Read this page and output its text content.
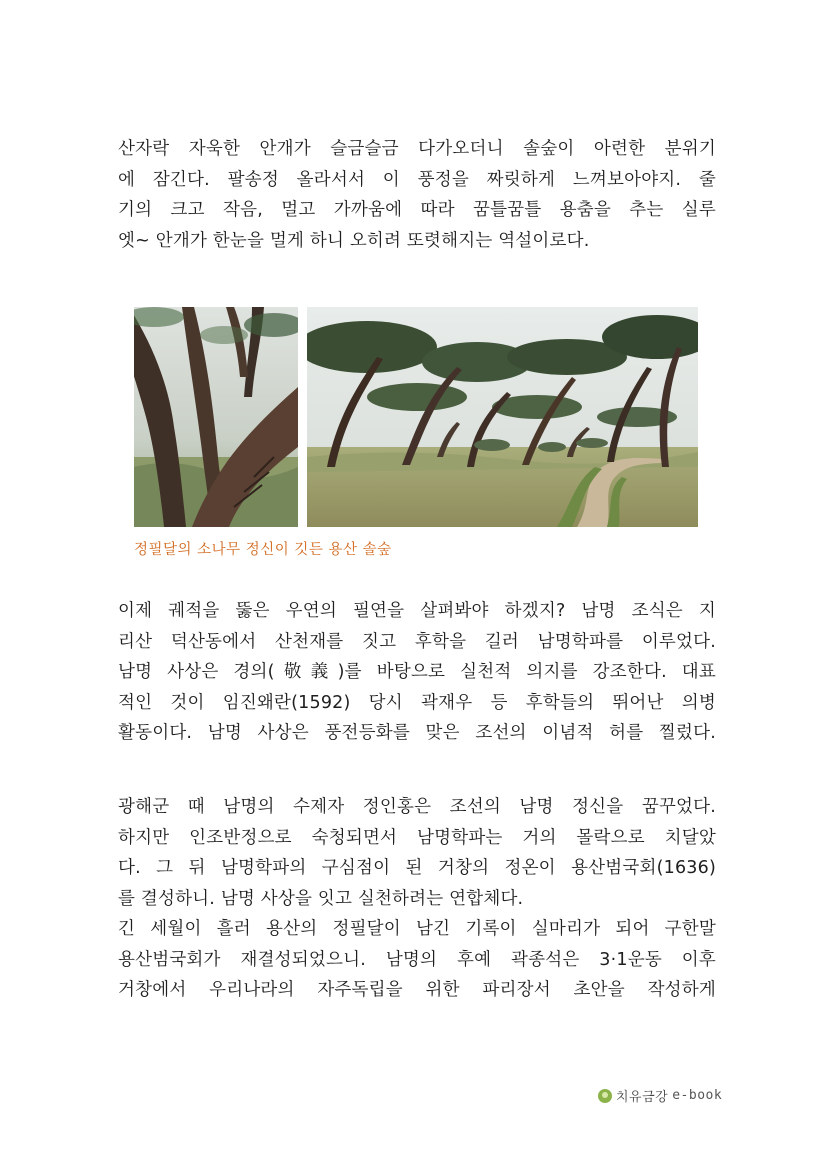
산자락 자욱한 안개가 슬금슬금 다가오더니 솔숲이 아련한 분위기
에 잠긴다. 팔송정 올라서서 이 풍정을 짜릿하게 느껴보아야지. 줄
기의 크고 작음, 멀고 가까움에 따라 꿈틀꿈틀 용춤을 추는 실루
엣~ 안개가 한눈을 멀게 하니 오히려 또렷해지는 역설이로다.

정필달의 소나무 정신이 깃든 용산 솔숲

이제 궤적을 뚫은 우연의 필연을 살펴봐야 하겠지? 남명 조식은 지
리산 덕산동에서 산천재를 짓고 후학을 길러 남명학파를 이루었다.
남명 사상은 경의(敬義)를 바탕으로 실천적 의지를 강조한다. 대표
적인 것이 임진왜란(1592) 당시 곽재우 등 후학들의 뛰어난 의병
활동이다. 남명 사상은 풍전등화를 맞은 조선의 이념적 허를 찔렀다.

광해군 때 남명의 수제자 정인홍은 조선의 남명 정신을 꿈꾸었다.
하지만 인조반정으로 숙청되면서 남명학파는 거의 몰락으로 치달았
다. 그 뒤 남명학파의 구심점이 된 거창의 정온이 용산범국회(1636)
를 결성하니. 남명 사상을 잇고 실천하려는 연합체다.
긴 세월이 흘러 용산의 정필달이 남긴 기록이 실마리가 되어 구한말
용산범국회가 재결성되었으니. 남명의 후예 곽종석은 3·1운동 이후
거창에서 우리나라의 자주독립을 위한 파리장서 초안을 작성하게

치유금강 e-book
